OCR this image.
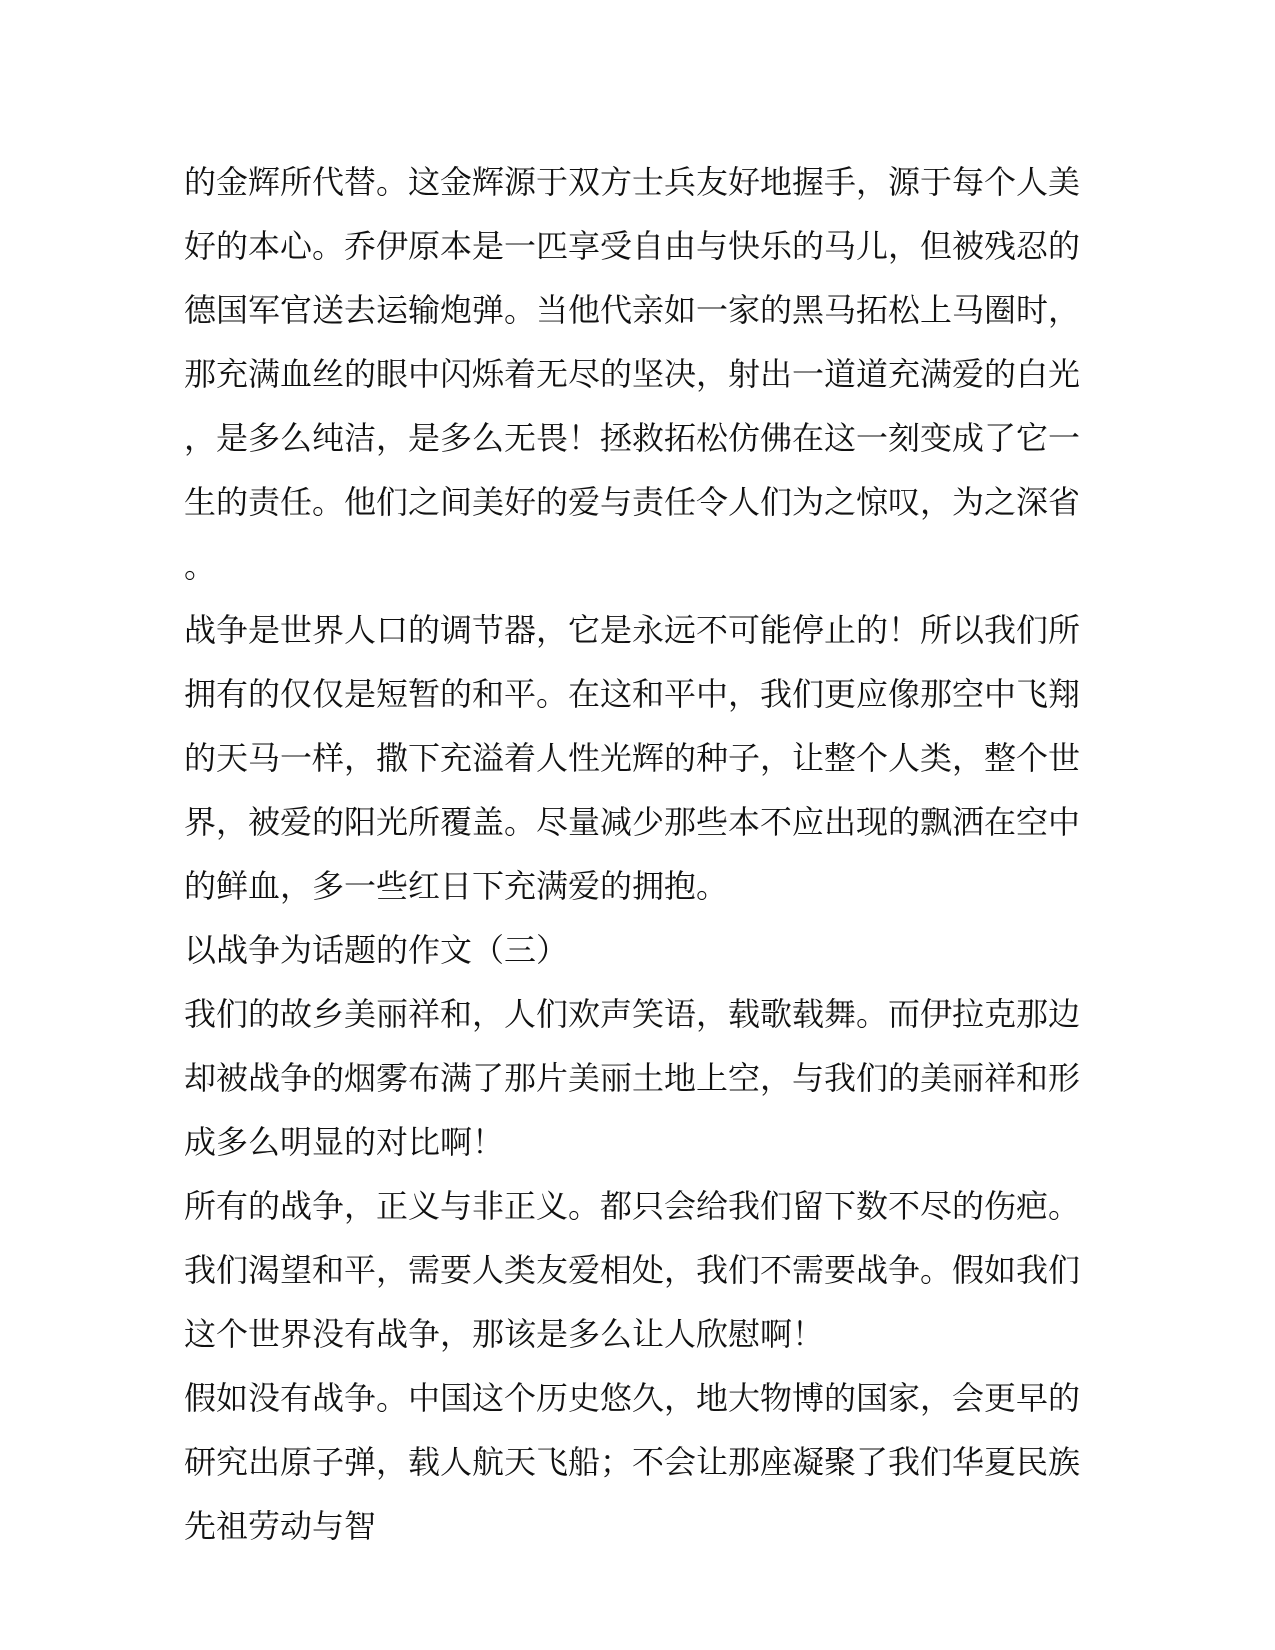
的金辉所代替。这金辉源于双方士兵友好地握手，源于每个人美好的本心。乔伊原本是一匹享受自由与快乐的马儿，但被残忍的德国军官送去运输炮弹。当他代亲如一家的黑马拓松上马圈时，那充满血丝的眼中闪烁着无尽的坚决，射出一道道充满爱的白光，是多么纯洁，是多么无畏！拯救拓松仿佛在这一刻变成了它一生的责任。他们之间美好的爱与责任令人们为之惊叹，为之深省。

战争是世界人口的调节器，它是永远不可能停止的！所以我们所拥有的仅仅是短暂的和平。在这和平中，我们更应像那空中飞翔的天马一样，撒下充溢着人性光辉的种子，让整个人类，整个世界，被爱的阳光所覆盖。尽量减少那些本不应出现的飘洒在空中的鲜血，多一些红日下充满爱的拥抱。

以战争为话题的作文（三）

我们的故乡美丽祥和，人们欢声笑语，载歌载舞。而伊拉克那边却被战争的烟雾布满了那片美丽土地上空，与我们的美丽祥和形成多么明显的对比啊！

所有的战争，正义与非正义。都只会给我们留下数不尽的伤疤。我们渴望和平，需要人类友爱相处，我们不需要战争。假如我们这个世界没有战争，那该是多么让人欣慰啊！

假如没有战争。中国这个历史悠久，地大物博的国家，会更早的研究出原子弹，载人航天飞船；不会让那座凝聚了我们华夏民族先祖劳动与智
